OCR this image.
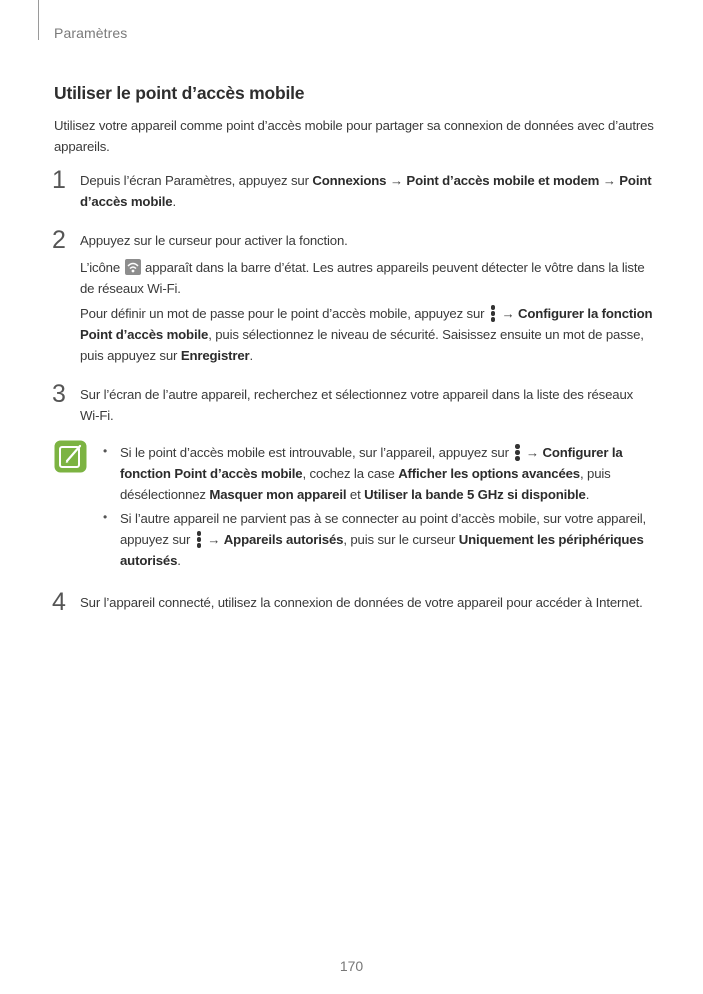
Paramètres
Utiliser le point d’accès mobile
Utilisez votre appareil comme point d’accès mobile pour partager sa connexion de données avec d’autres appareils.
1 Depuis l’écran Paramètres, appuyez sur Connexions → Point d’accès mobile et modem → Point d’accès mobile.
2 Appuyez sur le curseur pour activer la fonction.
L’icône  apparaît dans la barre d’état. Les autres appareils peuvent détecter le vôtre dans la liste de réseaux Wi-Fi.
Pour définir un mot de passe pour le point d’accès mobile, appuyez sur
→ Configurer la fonction Point d’accès mobile, puis sélectionnez le niveau de sécurité. Saisissez ensuite un mot de passe, puis appuyez sur Enregistrer.
3 Sur l’écran de l’autre appareil, recherchez et sélectionnez votre appareil dans la liste des réseaux Wi-Fi.
• Si le point d’accès mobile est introuvable, sur l’appareil, appuyez sur
→ Configurer la fonction Point d’accès mobile, cochez la case Afficher les options avancées, puis désélectionnez Masquer mon appareil et Utiliser la bande 5 GHz si disponible.
• Si l’autre appareil ne parvient pas à se connecter au point d’accès mobile, sur votre appareil, appuyez sur
→ Appareils autorisés, puis sur le curseur Uniquement les périphériques autorisés.
4 Sur l’appareil connecté, utilisez la connexion de données de votre appareil pour accéder à Internet.
170
